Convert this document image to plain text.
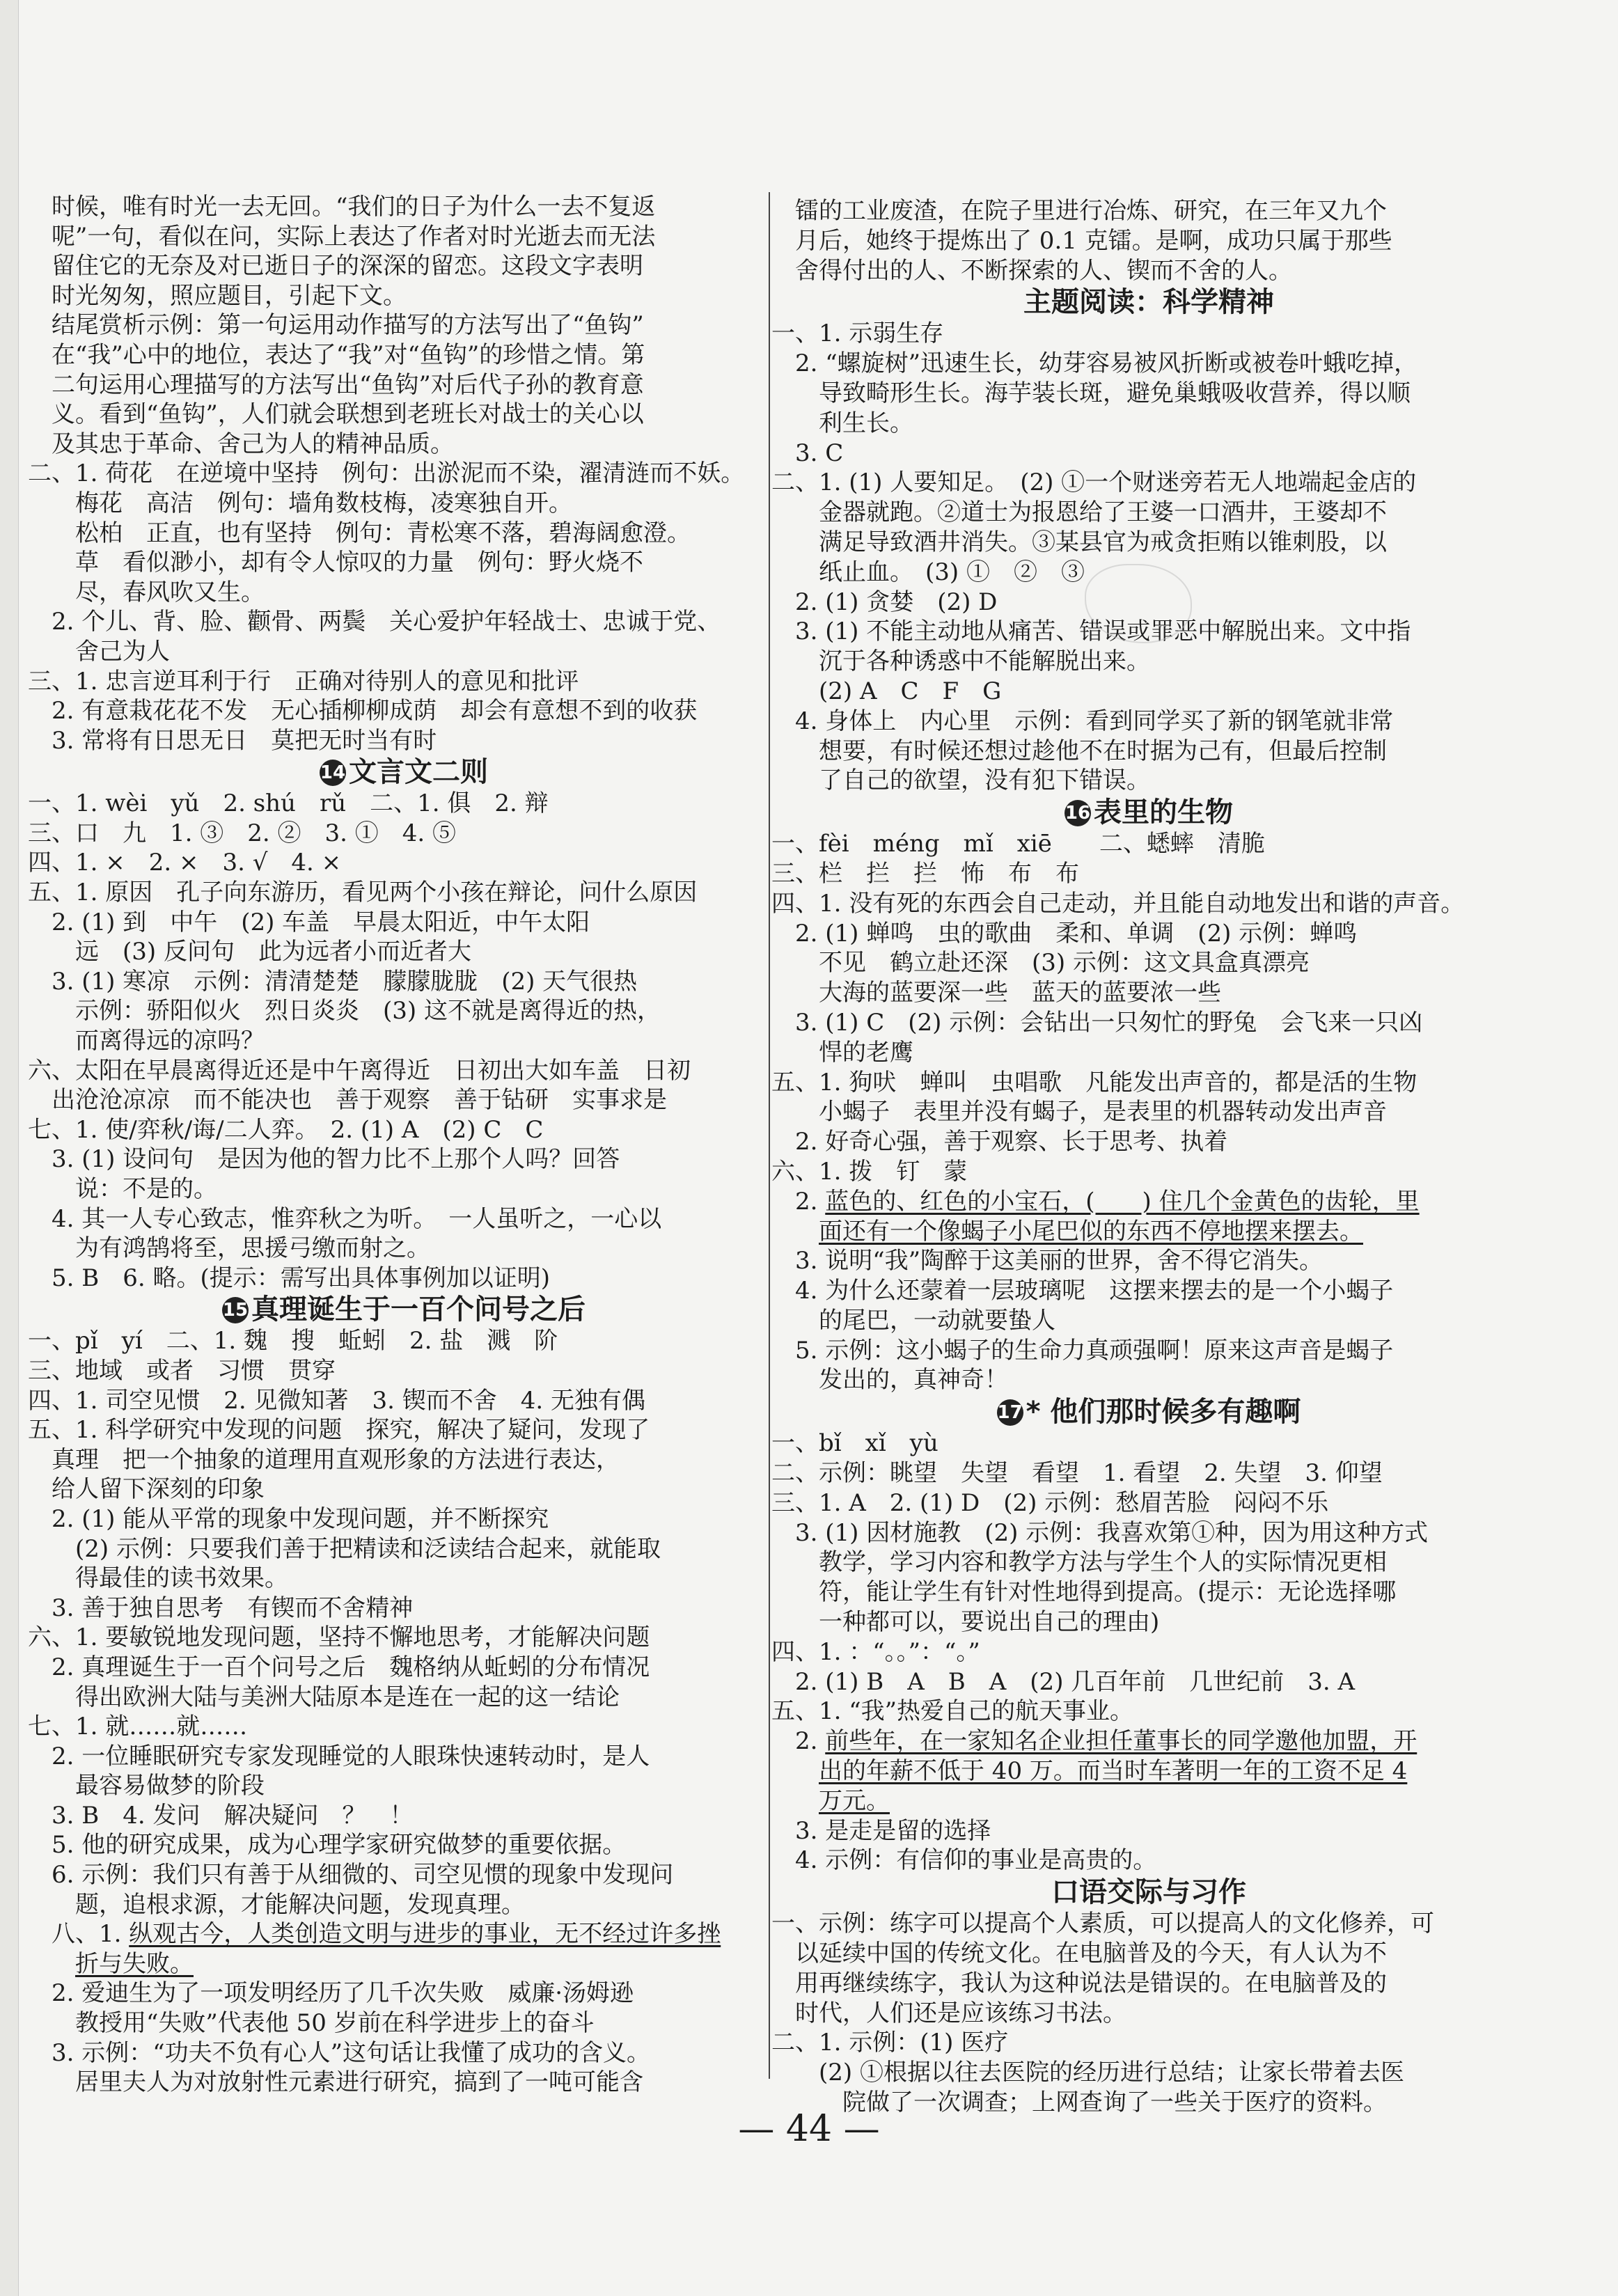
时候，唯有时光一去无回。“我们的日子为什么一去不复返
呢”一句，看似在问，实际上表达了作者对时光逝去而无法
留住它的无奈及对已逝日子的深深的留恋。这段文字表明
时光匆匆，照应题目，引起下文。
结尾赏析示例：第一句运用动作描写的方法写出了“鱼钩”
在“我”心中的地位，表达了“我”对“鱼钩”的珍惜之情。第
二句运用心理描写的方法写出“鱼钩”对后代子孙的教育意
义。看到“鱼钩”，人们就会联想到老班长对战士的关心以
及其忠于革命、舍己为人的精神品质。
二、1. 荷花　在逆境中坚持　例句：出淤泥而不染，濯清涟而不妖。
梅花　高洁　例句：墙角数枝梅，凌寒独自开。
松柏　正直，也有坚持　例句：青松寒不落，碧海阔愈澄。
草　看似渺小，却有令人惊叹的力量　例句：野火烧不
尽，春风吹又生。
2. 个儿、背、脸、颧骨、两鬓　关心爱护年轻战士、忠诚于党、
舍己为人
三、1. 忠言逆耳利于行　正确对待别人的意见和批评
2. 有意栽花花不发　无心插柳柳成荫　却会有意想不到的收获
3. 常将有日思无日　莫把无时当有时
14 文言文二则
一、1. wèi　yǔ　2. shú　rǔ　二、1. 俱　2. 辩
三、口　九　1. ③　2. ②　3. ①　4. ⑤
四、1. ×　2. ×　3. √　4. ×
五、1. 原因　孔子向东游历，看见两个小孩在辩论，问什么原因
2. (1) 到　中午　(2) 车盖　早晨太阳近，中午太阳
远　(3) 反问句　此为远者小而近者大
3. (1) 寒凉　示例：清清楚楚　朦朦胧胧　(2) 天气很热
示例：骄阳似火　烈日炎炎　(3) 这不就是离得近的热，
而离得远的凉吗？
六、太阳在早晨离得近还是中午离得近　日初出大如车盖　日初
出沧沧凉凉　而不能决也　善于观察　善于钻研　实事求是
七、1. 使/弈秋/诲/二人弈。　2. (1) A　(2) C　C
3. (1) 设问句　是因为他的智力比不上那个人吗？回答
说：不是的。
4. 其一人专心致志，惟弈秋之为听。　一人虽听之，一心以
为有鸿鹄将至，思援弓缴而射之。
5. B　6. 略。(提示：需写出具体事例加以证明)
15 真理诞生于一百个问号之后
一、pǐ　yí　二、1. 魏　搜　蚯蚓　2. 盐　溅　阶
三、地域　或者　习惯　贯穿
四、1. 司空见惯　2. 见微知著　3. 锲而不舍　4. 无独有偶
五、1. 科学研究中发现的问题　探究，解决了疑问，发现了
真理　把一个抽象的道理用直观形象的方法进行表达，
给人留下深刻的印象
2. (1) 能从平常的现象中发现问题，并不断探究
(2) 示例：只要我们善于把精读和泛读结合起来，就能取
得最佳的读书效果。
3. 善于独自思考　有锲而不舍精神
六、1. 要敏锐地发现问题，坚持不懈地思考，才能解决问题
2. 真理诞生于一百个问号之后　魏格纳从蚯蚓的分布情况
得出欧洲大陆与美洲大陆原本是连在一起的这一结论
七、1. 就……就……
2. 一位睡眠研究专家发现睡觉的人眼珠快速转动时，是人
最容易做梦的阶段
3. B　4. 发问　解决疑问　？　！
5. 他的研究成果，成为心理学家研究做梦的重要依据。
6. 示例：我们只有善于从细微的、司空见惯的现象中发现问
题，追根求源，才能解决问题，发现真理。
八、1. 纵观古今，人类创造文明与进步的事业，无不经过许多挫
折与失败。
2. 爱迪生为了一项发明经历了几千次失败　威廉·汤姆逊
教授用“失败”代表他 50 岁前在科学进步上的奋斗
3. 示例：“功夫不负有心人”这句话让我懂了成功的含义。
居里夫人为对放射性元素进行研究，搞到了一吨可能含
镭的工业废渣，在院子里进行冶炼、研究，在三年又九个
月后，她终于提炼出了 0.1 克镭。是啊，成功只属于那些
舍得付出的人、不断探索的人、锲而不舍的人。
主题阅读：科学精神
一、1. 示弱生存
2. “螺旋树”迅速生长，幼芽容易被风折断或被卷叶蛾吃掉，
导致畸形生长。海芋装长斑，避免巢蛾吸收营养，得以顺
利生长。
3. C
二、1. (1) 人要知足。　(2) ①一个财迷旁若无人地端起金店的
金器就跑。②道士为报恩给了王婆一口酒井，王婆却不
满足导致酒井消失。③某县官为戒贪拒贿以锥刺股，以
纸止血。　(3) ①　②　③
2. (1) 贪婪　(2) D
3. (1) 不能主动地从痛苦、错误或罪恶中解脱出来。文中指
沉于各种诱惑中不能解脱出来。
(2) A　C　F　G
4. 身体上　内心里　示例：看到同学买了新的钢笔就非常
想要，有时候还想过趁他不在时据为己有，但最后控制
了自己的欲望，没有犯下错误。
16 表里的生物
一、fèi　méng　mǐ　xiē　　二、蟋蟀　清脆
三、栏　拦　拦　怖　布　布
四、1. 没有死的东西会自己走动，并且能自动地发出和谐的声音。
2. (1) 蝉鸣　虫的歌曲　柔和、单调　(2) 示例：蝉鸣
不见　鹤立赴还深　(3) 示例：这文具盒真漂亮
大海的蓝要深一些　蓝天的蓝要浓一些
3. (1) C　(2) 示例：会钻出一只匆忙的野兔　会飞来一只凶
悍的老鹰
五、1. 狗吠　蝉叫　虫唱歌　凡能发出声音的，都是活的生物
小蝎子　表里并没有蝎子，是表里的机器转动发出声音
2. 好奇心强，善于观察、长于思考、执着
六、1. 拨　钉　蒙
2. 蓝色的、红色的小宝石，(　　) 住几个金黄色的齿轮，里
面还有一个像蝎子小尾巴似的东西不停地摆来摆去。
3. 说明“我”陶醉于这美丽的世界，舍不得它消失。
4. 为什么还蒙着一层玻璃呢　这摆来摆去的是一个小蝎子
的尾巴，一动就要蛰人
5. 示例：这小蝎子的生命力真顽强啊！原来这声音是蝎子
发出的，真神奇！
17 * 他们那时候多有趣啊
一、bǐ　xǐ　yù
二、示例：眺望　失望　看望　1. 看望　2. 失望　3. 仰望
三、1. A　2. (1) D　(2) 示例：愁眉苦脸　闷闷不乐
3. (1) 因材施教　(2) 示例：我喜欢第①种，因为用这种方式
教学，学习内容和教学方法与学生个人的实际情况更相
符，能让学生有针对性地得到提高。(提示：无论选择哪
一种都可以，要说出自己的理由)
四、1. ：“。。”：“。”
2. (1) B　A　B　A　(2) 几百年前　几世纪前　3. A
五、1. “我”热爱自己的航天事业。
2. 前些年，在一家知名企业担任董事长的同学邀他加盟，开
出的年薪不低于 40 万。而当时车著明一年的工资不足 4
万元。
3. 是走是留的选择
4. 示例：有信仰的事业是高贵的。
口语交际与习作
一、示例：练字可以提高个人素质，可以提高人的文化修养，可
以延续中国的传统文化。在电脑普及的今天，有人认为不
用再继续练字，我认为这种说法是错误的。在电脑普及的
时代，人们还是应该练习书法。
二、1. 示例：(1) 医疗
(2) ①根据以往去医院的经历进行总结；让家长带着去医
院做了一次调查；上网查询了一些关于医疗的资料。
— 44 —
